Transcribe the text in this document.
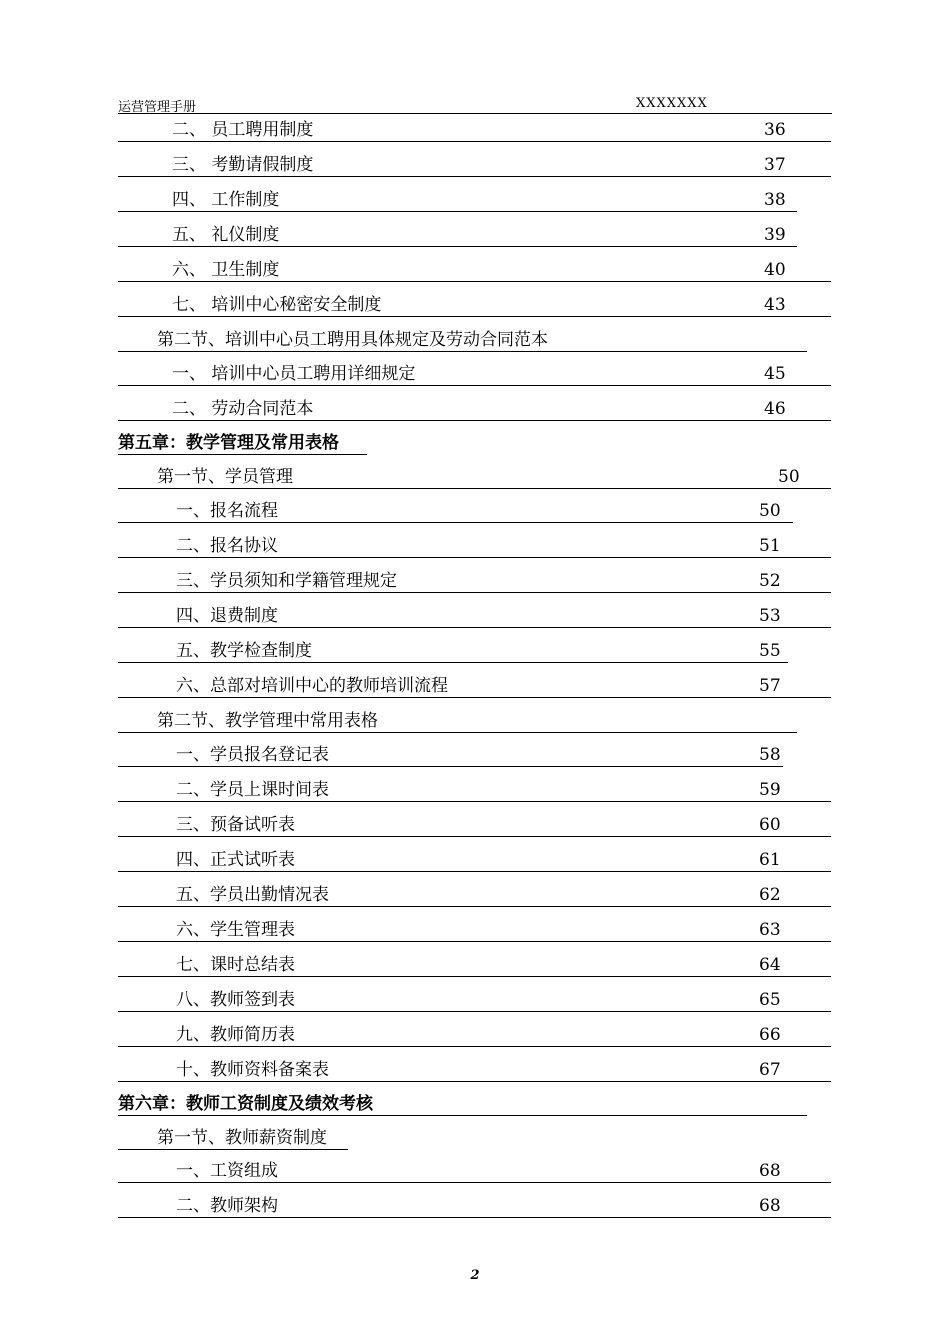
运营管理手册	XXXXXXX
二、 员工聘用制度	36
三、 考勤请假制度	37
四、 工作制度	38
五、 礼仪制度	39
六、 卫生制度	40
七、 培训中心秘密安全制度	43
第二节、培训中心员工聘用具体规定及劳动合同范本
一、 培训中心员工聘用详细规定	45
二、 劳动合同范本	46
第五章：教学管理及常用表格
第一节、学员管理	50
一、报名流程	50
二、报名协议	51
三、学员须知和学籍管理规定	52
四、退费制度	53
五、教学检查制度	55
六、总部对培训中心的教师培训流程	57
第二节、教学管理中常用表格
一、学员报名登记表	58
二、学员上课时间表	59
三、预备试听表	60
四、正式试听表	61
五、学员出勤情况表	62
六、学生管理表	63
七、课时总结表	64
八、教师签到表	65
九、教师简历表	66
十、教师资料备案表	67
第六章：教师工资制度及绩效考核
第一节、教师薪资制度
一、工资组成	68
二、教师架构	68
2
